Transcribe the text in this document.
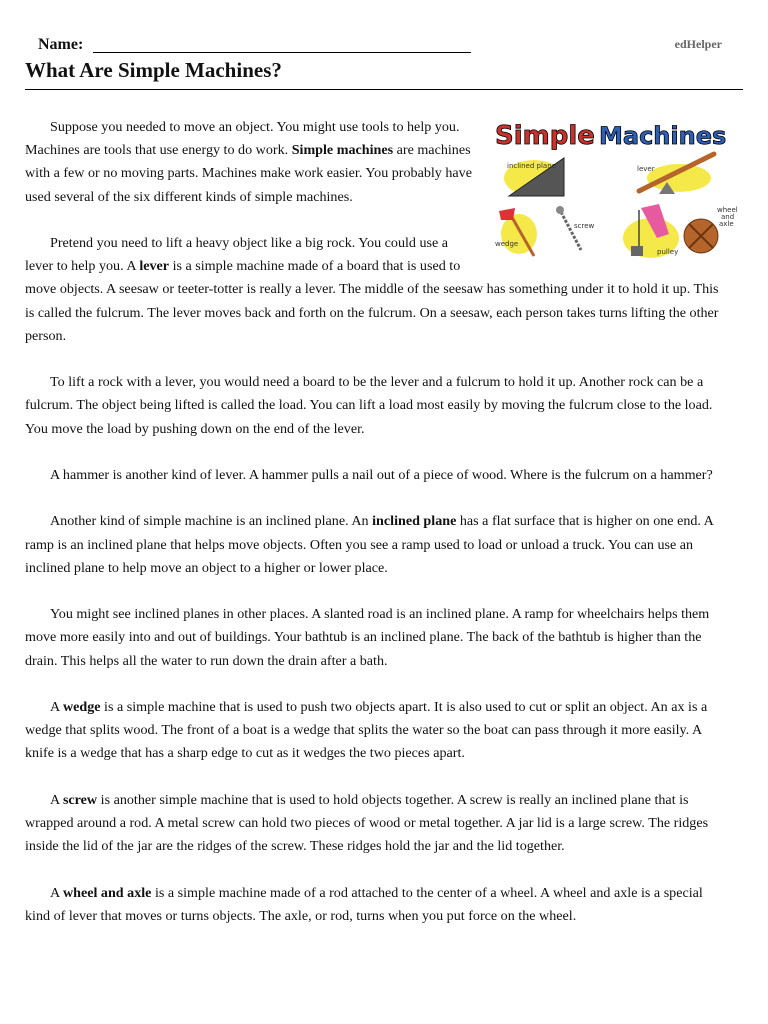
Name:	edHelper
What Are Simple Machines?
Simple Machines
inclined plane	lever
wedge
screw
pulley
wheel
and
axle

Suppose you needed to move an object. You might use tools to help you. Machines are tools that use energy to do work. Simple machines are machines with a few or no moving parts. Machines make work easier. You probably have used several of the six different kinds of simple machines.

Pretend you need to lift a heavy object like a big rock. You could use a lever to help you. A lever is a simple machine made of a board that is used to move objects. A seesaw or teeter-totter is really a lever. The middle of the seesaw has something under it to hold it up. This is called the fulcrum. The lever moves back and forth on the fulcrum. On a seesaw, each person takes turns lifting the other person.

To lift a rock with a lever, you would need a board to be the lever and a fulcrum to hold it up. Another rock can be a fulcrum. The object being lifted is called the load. You can lift a load most easily by moving the fulcrum close to the load. You move the load by pushing down on the end of the lever.

A hammer is another kind of lever. A hammer pulls a nail out of a piece of wood. Where is the fulcrum on a hammer?

Another kind of simple machine is an inclined plane. An inclined plane has a flat surface that is higher on one end. A ramp is an inclined plane that helps move objects. Often you see a ramp used to load or unload a truck. You can use an inclined plane to help move an object to a higher or lower place.

You might see inclined planes in other places. A slanted road is an inclined plane. A ramp for wheelchairs helps them move more easily into and out of buildings. Your bathtub is an inclined plane. The back of the bathtub is higher than the drain. This helps all the water to run down the drain after a bath.

A wedge is a simple machine that is used to push two objects apart. It is also used to cut or split an object. An ax is a wedge that splits wood. The front of a boat is a wedge that splits the water so the boat can pass through it more easily. A knife is a wedge that has a sharp edge to cut as it wedges the two pieces apart.

A screw is another simple machine that is used to hold objects together. A screw is really an inclined plane that is wrapped around a rod. A metal screw can hold two pieces of wood or metal together. A jar lid is a large screw. The ridges inside the lid of the jar are the ridges of the screw. These ridges hold the jar and the lid together.

A wheel and axle is a simple machine made of a rod attached to the center of a wheel. A wheel and axle is a special kind of lever that moves or turns objects. The axle, or rod, turns when you put force on the wheel.
